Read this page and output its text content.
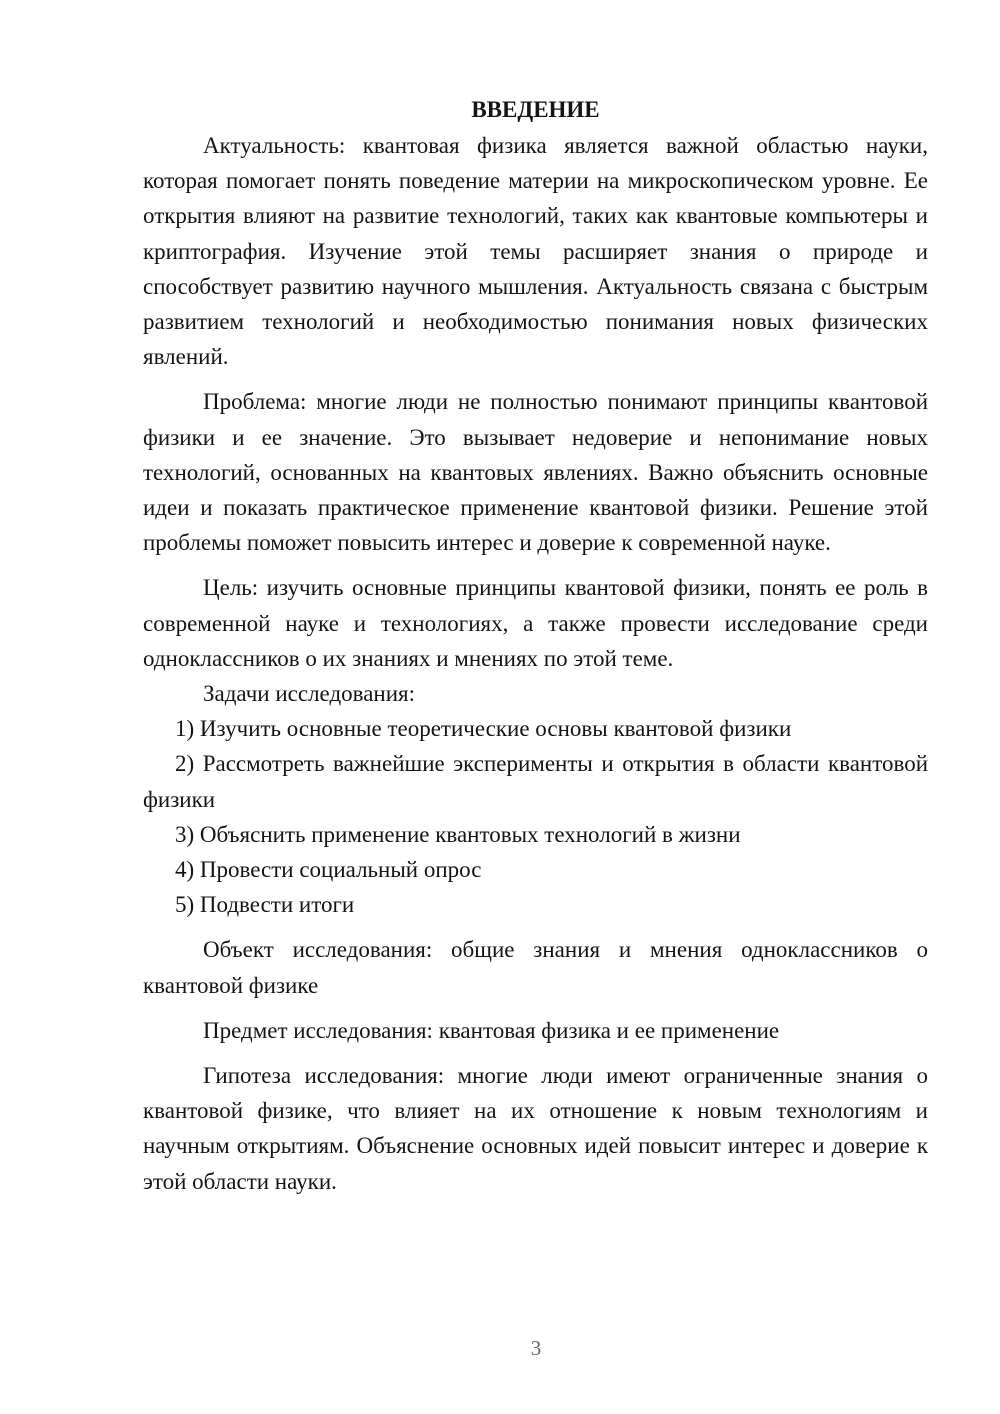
ВВЕДЕНИЕ

Актуальность: квантовая физика является важной областью науки, которая помогает понять поведение материи на микроскопическом уровне. Ее открытия влияют на развитие технологий, таких как квантовые компьютеры и криптография. Изучение этой темы расширяет знания о природе и способствует развитию научного мышления. Актуальность связана с быстрым развитием технологий и необходимостью понимания новых физических явлений.

Проблема: многие люди не полностью понимают принципы квантовой физики и ее значение. Это вызывает недоверие и непонимание новых технологий, основанных на квантовых явлениях. Важно объяснить основные идеи и показать практическое применение квантовой физики. Решение этой проблемы поможет повысить интерес и доверие к современной науке.

Цель: изучить основные принципы квантовой физики, понять ее роль в современной науке и технологиях, а также провести исследование среди одноклассников о их знаниях и мнениях по этой теме.

Задачи исследования:

1) Изучить основные теоретические основы квантовой физики

2) Рассмотреть важнейшие эксперименты и открытия в области квантовой физики

3) Объяснить применение квантовых технологий в жизни

4) Провести социальный опрос

5) Подвести итоги

Объект исследования: общие знания и мнения одноклассников о квантовой физике

Предмет исследования: квантовая физика и ее применение

Гипотеза исследования: многие люди имеют ограниченные знания о квантовой физике, что влияет на их отношение к новым технологиям и научным открытиям. Объяснение основных идей повысит интерес и доверие к этой области науки.

3
